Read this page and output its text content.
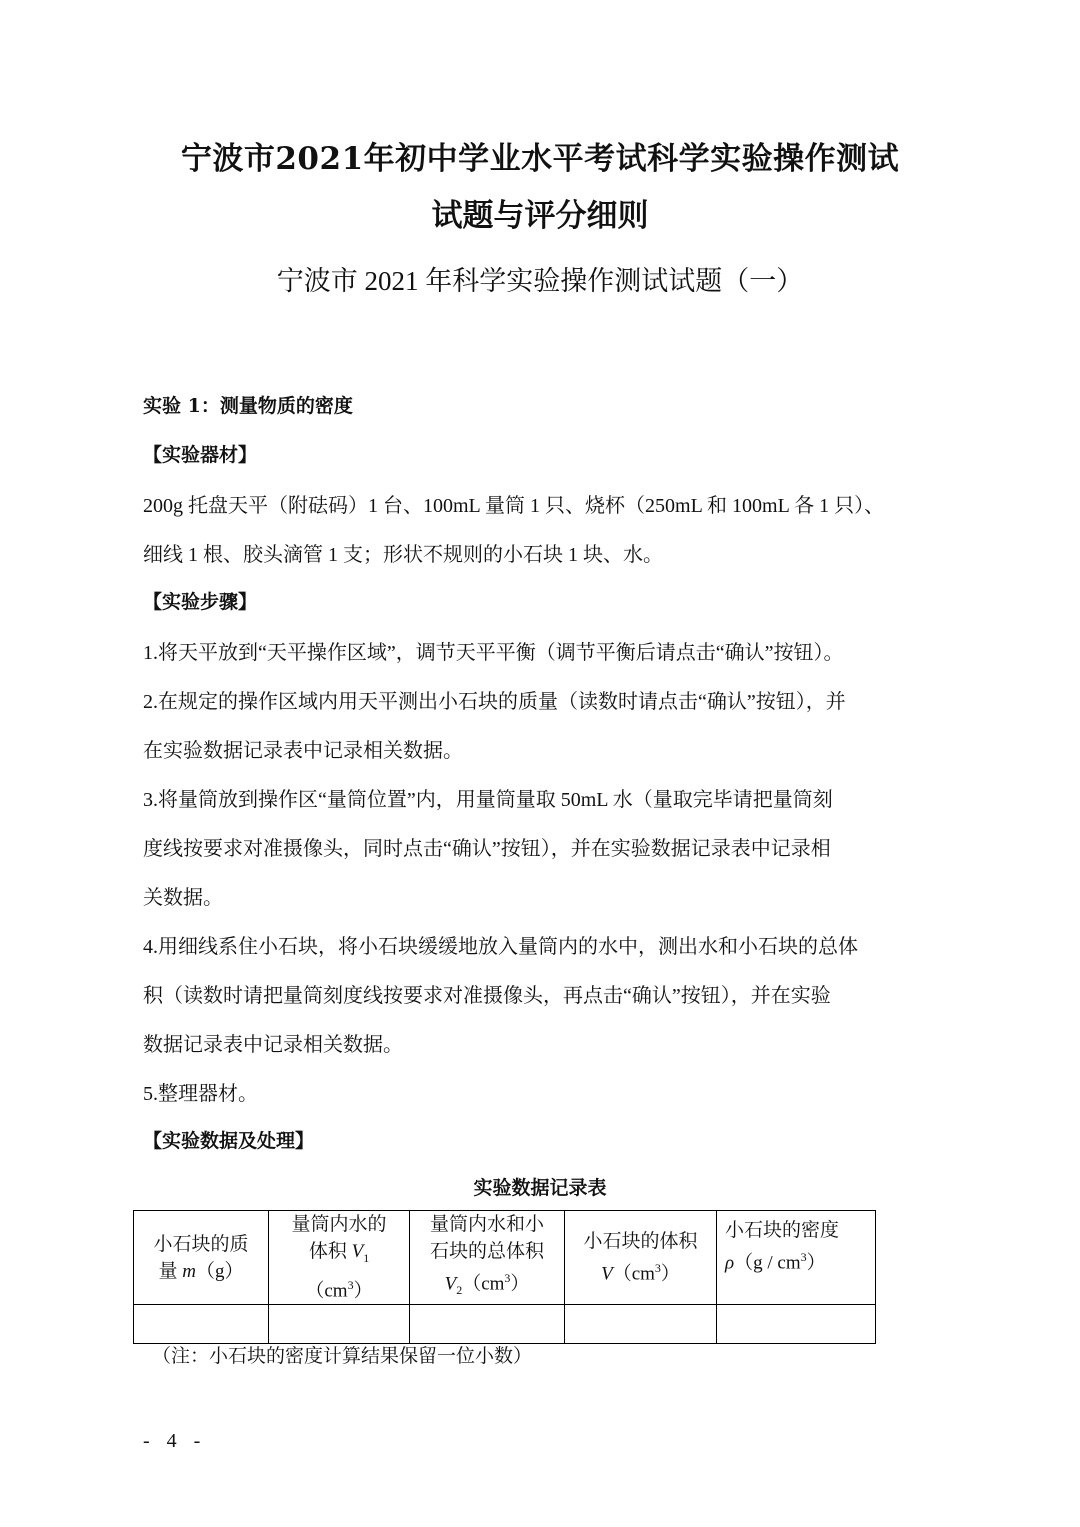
宁波市2021年初中学业水平考试科学实验操作测试
试题与评分细则
宁波市 2021 年科学实验操作测试试题（一）
实验 1：测量物质的密度
【实验器材】
200g 托盘天平（附砝码）1 台、100mL 量筒 1 只、烧杯（250mL 和 100mL 各 1 只）、
细线 1 根、胶头滴管 1 支；形状不规则的小石块 1 块、水。
【实验步骤】
1.将天平放到“天平操作区域”，调节天平平衡（调节平衡后请点击“确认”按钮）。
2.在规定的操作区域内用天平测出小石块的质量（读数时请点击“确认”按钮），并
在实验数据记录表中记录相关数据。
3.将量筒放到操作区“量筒位置”内，用量筒量取 50mL 水（量取完毕请把量筒刻
度线按要求对准摄像头，同时点击“确认”按钮），并在实验数据记录表中记录相
关数据。
4.用细线系住小石块，将小石块缓缓地放入量筒内的水中，测出水和小石块的总体
积（读数时请把量筒刻度线按要求对准摄像头，再点击“确认”按钮），并在实验
数据记录表中记录相关数据。
5.整理器材。
【实验数据及处理】
实验数据记录表
小石块的质
量 m（g）	量筒内水的
体积 $V_1$
$(cm^3)$	量筒内水和小
石块的总体积
$V_2(cm^3)$	小石块的体积
$V(cm^3)$	小石块的密度
$\rho(g / cm^3)$

（注：小石块的密度计算结果保留一位小数）
- 4 -
